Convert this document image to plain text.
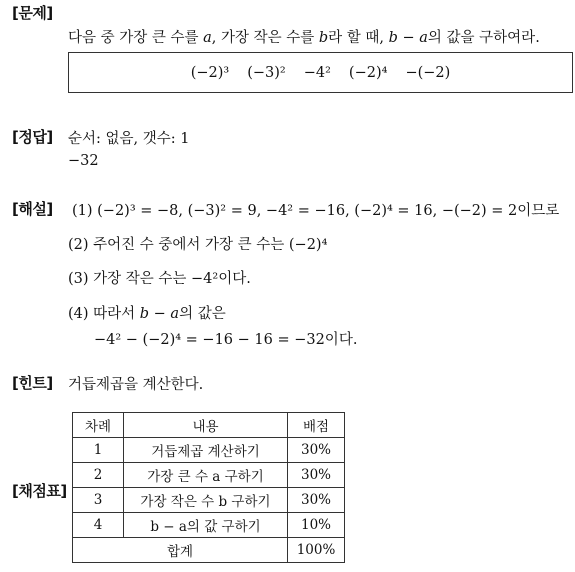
[문제]
다음 중 가장 큰 수를 a, 가장 작은 수를 b라 할 때, b − a의 값을 구하여라.
(−2)³ (−3)² −4² (−2)⁴ −(−2)
[정답] 순서: 없음, 갯수: 1
−32
[해설] (1) (−2)³ = −8, (−3)² = 9, −4² = −16, (−2)⁴ = 16, −(−2) = 2이므로
(2) 주어진 수 중에서 가장 큰 수는 (−2)⁴
(3) 가장 작은 수는 −4²이다.
(4) 따라서 b − a의 값은
−4² − (−2)⁴ = −16 − 16 = −32이다.
[힌트] 거듭제곱을 계산한다.
[채점표]
차례	내용	배점
1	거듭제곱 계산하기	30%
2	가장 큰 수 a 구하기	30%
3	가장 작은 수 b 구하기	30%
4	b − a의 값 구하기	10%
합계		100%
